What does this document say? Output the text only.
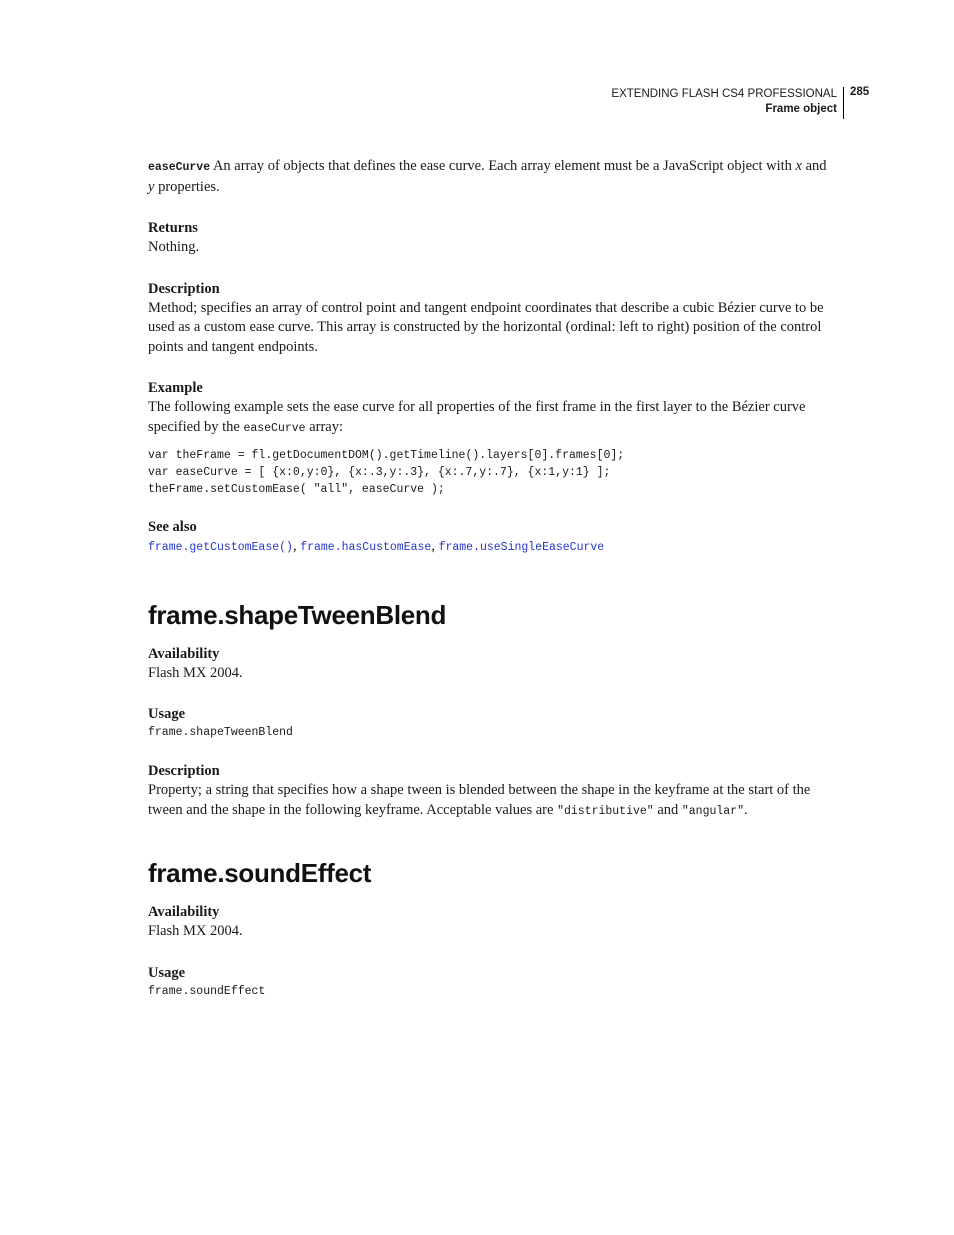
EXTENDING FLASH CS4 PROFESSIONAL
Frame object
285

easeCurve An array of objects that defines the ease curve. Each array element must be a JavaScript object with x and
y properties.

Returns

Nothing.

Description

Method; specifies an array of control point and tangent endpoint coordinates that describe a cubic Bézier curve to be used as a custom ease curve. This array is constructed by the horizontal (ordinal: left to right) position of the control points and tangent endpoints.

Example

The following example sets the ease curve for all properties of the first frame in the first layer to the Bézier curve specified by the easeCurve array:

var theFrame = fl.getDocumentDOM().getTimeline().layers[0].frames[0];
var easeCurve = [ {x:0,y:0}, {x:.3,y:.3}, {x:.7,y:.7}, {x:1,y:1} ];
theFrame.setCustomEase( "all", easeCurve );

See also

frame.getCustomEase(), frame.hasCustomEase, frame.useSingleEaseCurve

frame.shapeTweenBlend

Availability

Flash MX 2004.

Usage

frame.shapeTweenBlend

Description

Property; a string that specifies how a shape tween is blended between the shape in the keyframe at the start of the tween and the shape in the following keyframe. Acceptable values are "distributive" and "angular".

frame.soundEffect

Availability

Flash MX 2004.

Usage

frame.soundEffect
